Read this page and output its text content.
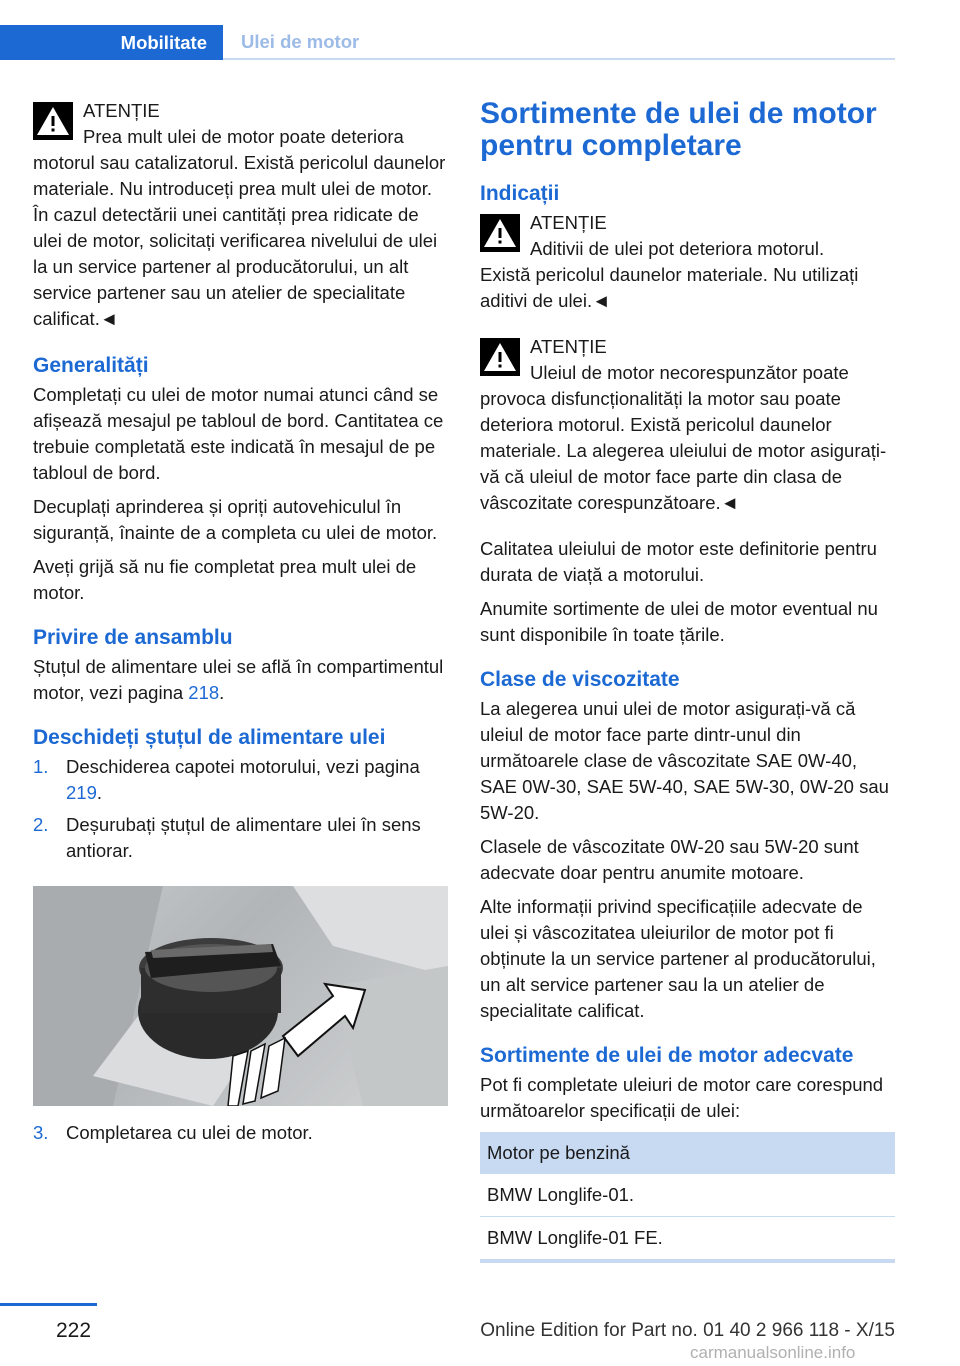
Mobilitate	Ulei de motor
ATENȚIE
Prea mult ulei de motor poate deteriora
motorul sau catalizatorul. Există pericolul daunelor materiale. Nu introduceți prea mult ulei de motor. În cazul detectării unei cantități prea ridicate de ulei de motor, solicitați verificarea nivelului de ulei la un service partener al producătorului, un alt service partener sau un atelier de specialitate calificat.◄
Generalități

Completați cu ulei de motor numai atunci când se afișează mesajul pe tabloul de bord. Cantitatea ce trebuie completată este indicată în mesajul de pe tabloul de bord.

Decuplați aprinderea și opriți autovehiculul în siguranță, înainte de a completa cu ulei de motor.

Aveți grijă să nu fie completat prea mult ulei de motor.

Privire de ansamblu

Ștuțul de alimentare ulei se află în compartimentul motor, vezi pagina 218.

Deschideți ștuțul de alimentare ulei
1. Deschiderea capotei motorului, vezi pagina 219.
2. Deșurubați ștuțul de alimentare ulei în sens antiorar.
3. Completarea cu ulei de motor.
Sortimente de ulei de motor pentru completare
Indicații
ATENȚIE
Aditivii de ulei pot deteriora motorul.
Există pericolul daunelor materiale. Nu utilizați aditivi de ulei.◄
ATENȚIE
Uleiul de motor necorespunzător poate
provoca disfuncționalități la motor sau poate deteriora motorul. Există pericolul daunelor materiale. La alegerea uleiului de motor asigurați-vă că uleiul de motor face parte din clasa de vâscozitate corespunzătoare.◄

Calitatea uleiului de motor este definitorie pentru durata de viață a motorului.

Anumite sortimente de ulei de motor eventual nu sunt disponibile în toate țările.

Clase de viscozitate

La alegerea unui ulei de motor asigurați-vă că uleiul de motor face parte dintr-unul din următoarele clase de vâscozitate SAE 0W-40, SAE 0W-30, SAE 5W-40, SAE 5W-30, 0W-20 sau 5W-20.

Clasele de vâscozitate 0W-20 sau 5W-20 sunt adecvate doar pentru anumite motoare.

Alte informații privind specificațiile adecvate de ulei și vâscozitatea uleiurilor de motor pot fi obținute la un service partener al producătorului, un alt service partener sau la un atelier de specialitate calificat.

Sortimente de ulei de motor adecvate

Pot fi completate uleiuri de motor care corespund următoarelor specificații de ulei:

Motor pe benzină
BMW Longlife-01.
BMW Longlife-01 FE.
222	Online Edition for Part no. 01 40 2 966 118 - X/15
carmanualsonline.info
